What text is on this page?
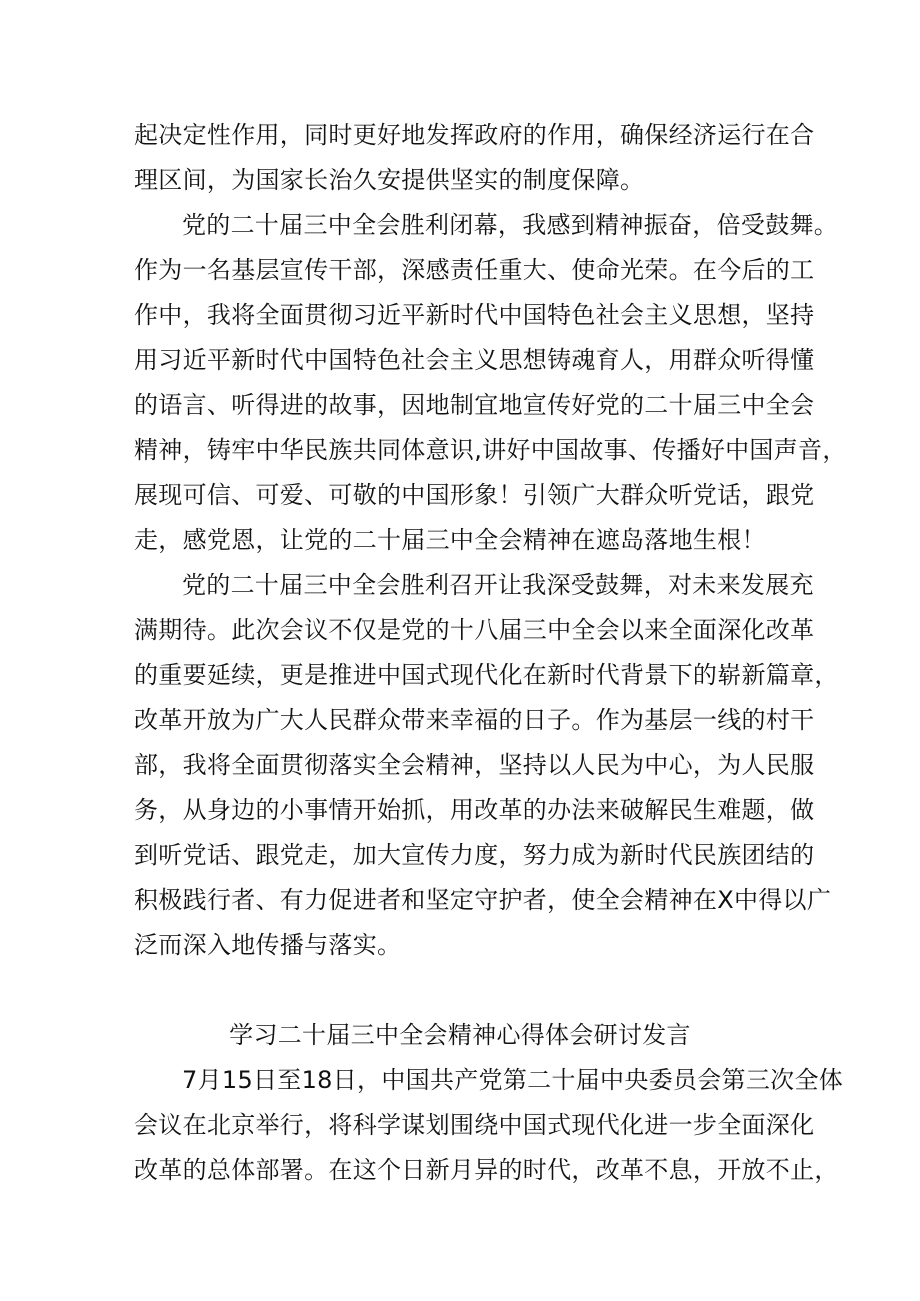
起决定性作用，同时更好地发挥政府的作用，确保经济运行在合
理区间，为国家长治久安提供坚实的制度保障。
党的二十届三中全会胜利闭幕，我感到精神振奋，倍受鼓舞。
作为一名基层宣传干部，深感责任重大、使命光荣。在今后的工
作中，我将全面贯彻习近平新时代中国特色社会主义思想，坚持
用习近平新时代中国特色社会主义思想铸魂育人，用群众听得懂
的语言、听得进的故事，因地制宜地宣传好党的二十届三中全会
精神，铸牢中华民族共同体意识,讲好中国故事、传播好中国声音，
展现可信、可爱、可敬的中国形象！引领广大群众听党话，跟党
走，感党恩，让党的二十届三中全会精神在遮岛落地生根！
党的二十届三中全会胜利召开让我深受鼓舞，对未来发展充
满期待。此次会议不仅是党的十八届三中全会以来全面深化改革
的重要延续，更是推进中国式现代化在新时代背景下的崭新篇章，
改革开放为广大人民群众带来幸福的日子。作为基层一线的村干
部，我将全面贯彻落实全会精神，坚持以人民为中心，为人民服
务，从身边的小事情开始抓，用改革的办法来破解民生难题，做
到听党话、跟党走，加大宣传力度，努力成为新时代民族团结的
积极践行者、有力促进者和坚定守护者，使全会精神在X中得以广
泛而深入地传播与落实。
学习二十届三中全会精神心得体会研讨发言
7月15日至18日，中国共产党第二十届中央委员会第三次全体
会议在北京举行，将科学谋划围绕中国式现代化进一步全面深化
改革的总体部署。在这个日新月异的时代，改革不息，开放不止，
